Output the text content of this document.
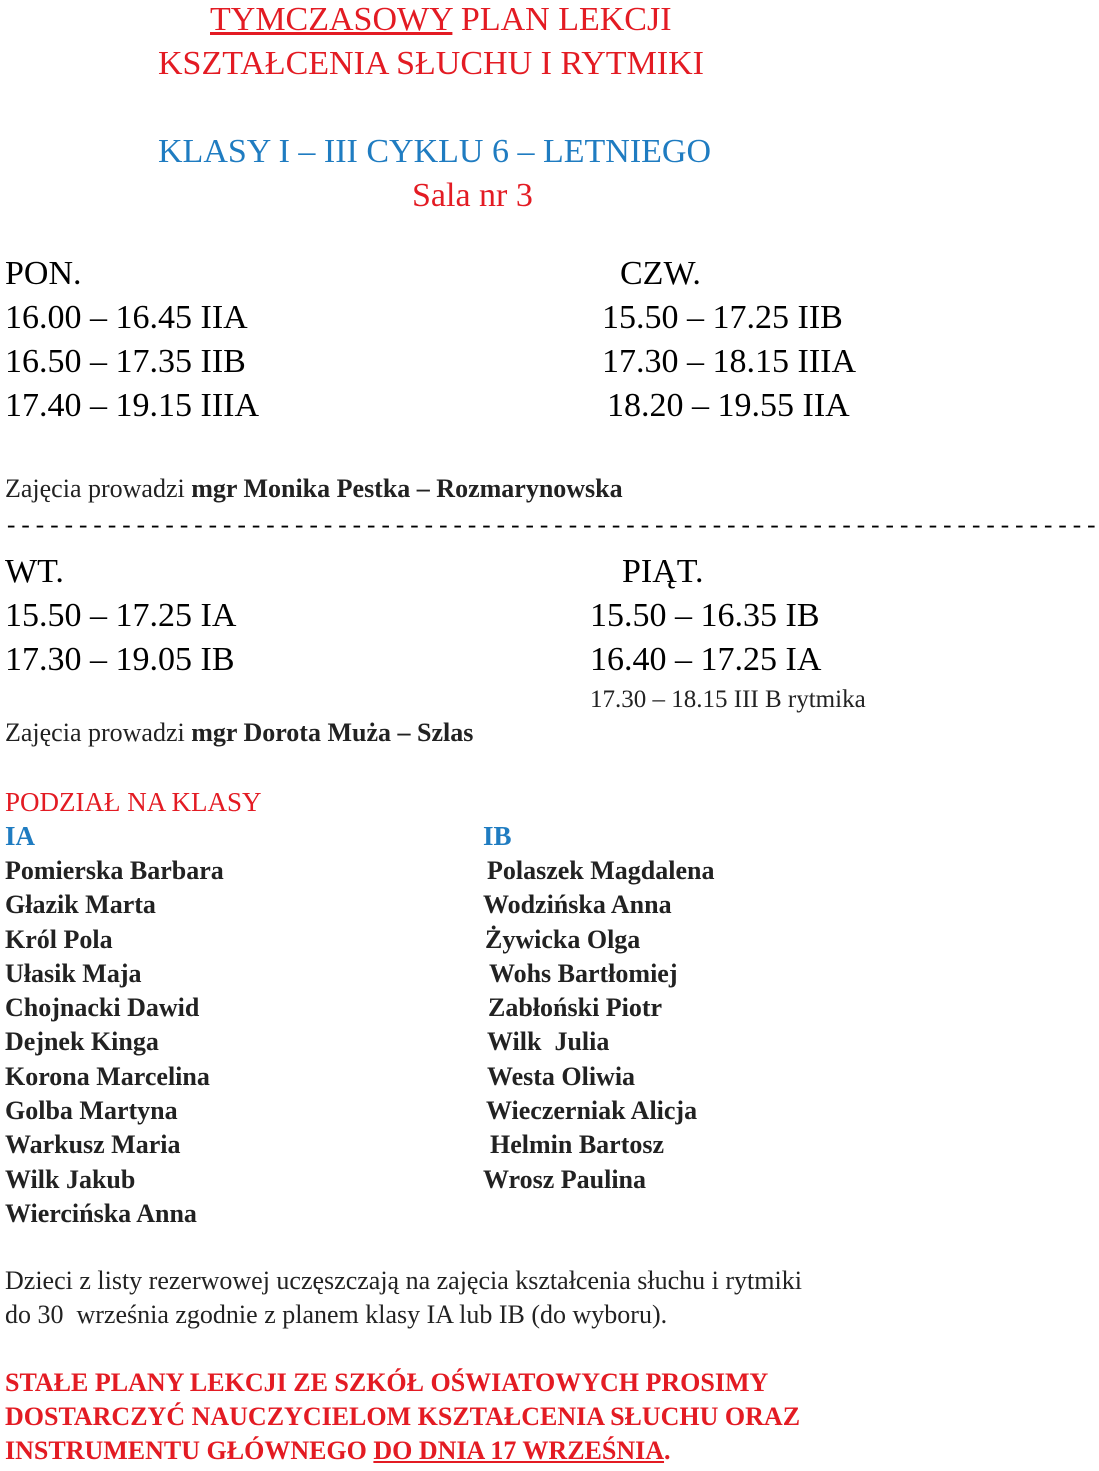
TYMCZASOWY PLAN LEKCJI
KSZTAŁCENIA SŁUCHU I RYTMIKI
KLASY I – III CYKLU 6 – LETNIEGO
Sala nr 3
PON.
16.00 – 16.45 IIA
16.50 – 17.35 IIB
17.40 – 19.15 IIIA
CZW.
15.50 – 17.25 IIB
17.30 – 18.15 IIIA
18.20 – 19.55 IIA
Zajęcia prowadzi mgr Monika Pestka – Rozmarynowska
----------------------------------------------------------------------------
WT.
15.50 – 17.25 IA
17.30 – 19.05 IB
PIĄT.
15.50 – 16.35 IB
16.40 – 17.25 IA
17.30 – 18.15 III B rytmika
Zajęcia prowadzi mgr Dorota Muża – Szlas
PODZIAŁ NA KLASY
IA	IB
Pomierska Barbara
Głazik Marta
Król Pola
Ułasik Maja
Chojnacki Dawid
Dejnek Kinga
Korona Marcelina
Golba Martyna
Warkusz Maria
Wilk Jakub
Wiercińska Anna
Polaszek Magdalena
Wodzińska Anna
Żywicka Olga
Wohs Bartłomiej
Zabłoński Piotr
Wilk  Julia
Westa Oliwia
Wieczerniak Alicja
Helmin Bartosz
Wrosz Paulina
Dzieci z listy rezerwowej uczęszczają na zajęcia kształcenia słuchu i rytmiki
do 30  września zgodnie z planem klasy IA lub IB (do wyboru).
STAŁE PLANY LEKCJI ZE SZKÓŁ OŚWIATOWYCH PROSIMY
DOSTARCZYĆ NAUCZYCIELOM KSZTAŁCENIA SŁUCHU ORAZ
INSTRUMENTU GŁÓWNEGO DO DNIA 17 WRZEŚNIA.
